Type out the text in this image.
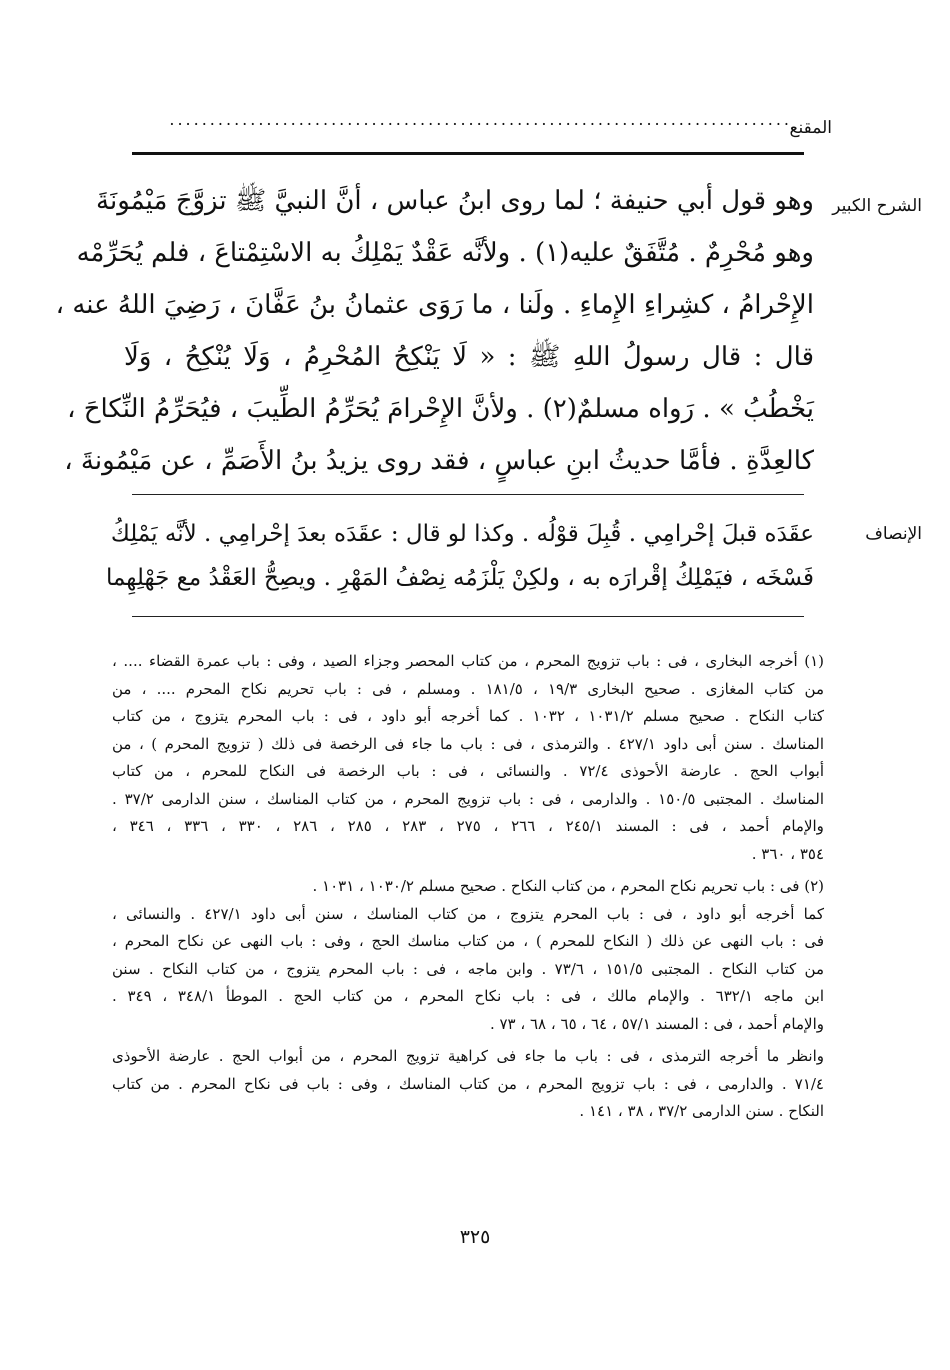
المقنع
.............................................................................
الشرح الكبير
وهو قول أبي حنيفة ؛ لما روى ابنُ عباس ، أنَّ النبيَّ ﷺ تزوَّجَ مَيْمُونَةَ
وهو مُحْرِمٌ . مُتَّفَقٌ عليه(١) . ولأنَّه عَقْدٌ يَمْلِكُ به الاسْتِمْتاعَ ، فلم يُحَرِّمْه
الإِحْرامُ ، كشِراءِ الإِماءِ . ولَنا ، ما رَوَى عثمانُ بنُ عَفَّانَ ، رَضِيَ اللهُ عنه ،
قال : قال رسولُ اللهِ ﷺ : « لَا يَنْكِحُ المُحْرِمُ ، وَلَا يُنْكِحُ ، وَلَا
يَخْطُبُ » . رَواه مسلمٌ(٢) . ولأنَّ الإِحْرامَ يُحَرِّمُ الطِّيبَ ، فيُحَرِّمُ النِّكاحَ ،
كالعِدَّةِ . فأمَّا حديثُ ابنِ عباسٍ ، فقد روى يزيدُ بنُ الأَصَمِّ ، عن مَيْمُونةَ ،
الإنصاف
عقَدَه قبلَ إحْرامِي . قُبِلَ قوْلُه . وكذا لو قال : عقَدَه بعدَ إحْرامِي . لأنَّه يَمْلِكُ
فَسْخَه ، فيَمْلِكُ إقْرارَه به ، ولكِنْ يَلْزَمُه نِصْفُ المَهْرِ . ويصِحُّ العَقْدُ مع جَهْلِهِما
(١) أخرجه البخارى ، فى : باب تزويج المحرم ، من كتاب المحصر وجزاء الصيد ، وفى : باب عمرة القضاء .... ،
من كتاب المغازى . صحيح البخارى ١٩/٣ ، ١٨١/٥ . ومسلم ، فى : باب تحريم نكاح المحرم .... ، من
كتاب النكاح . صحيح مسلم ١٠٣١/٢ ، ١٠٣٢ . كما أخرجه أبو داود ، فى : باب المحرم يتزوج ، من كتاب
المناسك . سنن أبى داود ٤٢٧/١ . والترمذى ، فى : باب ما جاء فى الرخصة فى ذلك ( تزويج المحرم ) ، من
أبواب الحج . عارضة الأحوذى ٧٢/٤ . والنسائى ، فى : باب الرخصة فى النكاح للمحرم ، من كتاب
المناسك . المجتبى ١٥٠/٥ . والدارمى ، فى : باب تزويج المحرم ، من كتاب المناسك ، سنن الدارمى ٣٧/٢ .
والإمام أحمد ، فى : المسند ٢٤٥/١ ، ٢٦٦ ، ٢٧٥ ، ٢٨٣ ، ٢٨٥ ، ٢٨٦ ، ٣٣٠ ، ٣٣٦ ، ٣٤٦ ،
٣٥٤ ، ٣٦٠ .
(٢) فى : باب تحريم نكاح المحرم ، من كتاب النكاح . صحيح مسلم ١٠٣٠/٢ ، ١٠٣١ .
كما أخرجه أبو داود ، فى : باب المحرم يتزوج ، من كتاب المناسك ، سنن أبى داود ٤٢٧/١ . والنسائى ،
فى : باب النهى عن ذلك ( النكاح للمحرم ) ، من كتاب مناسك الحج ، وفى : باب النهى عن نكاح المحرم ،
من كتاب النكاح . المجتبى ١٥١/٥ ، ٧٣/٦ . وابن ماجه ، فى : باب المحرم يتزوج ، من كتاب النكاح . سنن
ابن ماجه ٦٣٢/١ . والإمام مالك ، فى : باب نكاح المحرم ، من كتاب الحج . الموطأ ٣٤٨/١ ، ٣٤٩ .
والإمام أحمد ، فى : المسند ٥٧/١ ، ٦٤ ، ٦٥ ، ٦٨ ، ٧٣ .
وانظر ما أخرجه الترمذى ، فى : باب ما جاء فى كراهية تزويج المحرم ، من أبواب الحج . عارضة الأحوذى
٧١/٤ . والدارمى ، فى : باب تزويج المحرم ، من كتاب المناسك ، وفى : باب فى نكاح المحرم . من كتاب
النكاح . سنن الدارمى ٣٧/٢ ، ٣٨ ، ١٤١ .
٣٢٥
